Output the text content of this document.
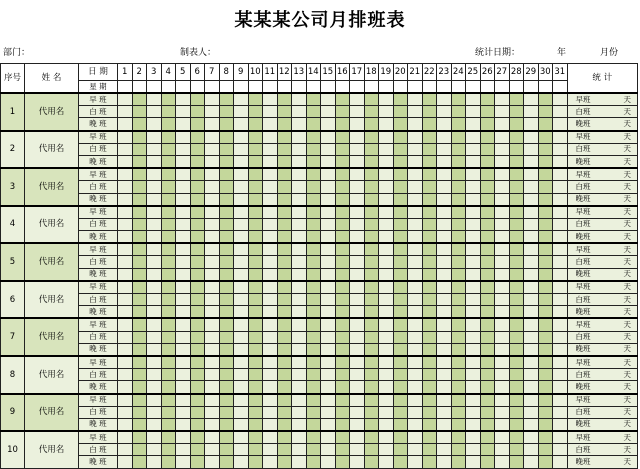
某某某公司月排班表
部门：	制表人：	统计日期：	年	月份
序号	姓 名	日 期	1	2	3	4	5	6	7	8	9	10	11	12	13	14	15	16	17	18	19	20	21	22	23	24	25	26	27	28	29	30	31	统 计
		星 期																																
1	代用名	早 班																																早班 天

		白 班																																白班 天

		晚 班																																晚班 天

2	代用名	早 班																																早班 天

		白 班																																白班 天

		晚 班																																晚班 天

3	代用名	早 班																																早班 天

		白 班																																白班 天

		晚 班																																晚班 天

4	代用名	早 班																																早班 天

		白 班																																白班 天

		晚 班																																晚班 天

5	代用名	早 班																																早班 天

		白 班																																白班 天

		晚 班																																晚班 天

6	代用名	早 班																																早班 天

		白 班																																白班 天

		晚 班																																晚班 天

7	代用名	早 班																																早班 天

		白 班																																白班 天

		晚 班																																晚班 天

8	代用名	早 班																																早班 天

		白 班																																白班 天

		晚 班																																晚班 天

9	代用名	早 班																																早班 天

		白 班																																白班 天

		晚 班																																晚班 天

10	代用名	早 班																																早班 天

		白 班																																白班 天

		晚 班																																晚班 天
